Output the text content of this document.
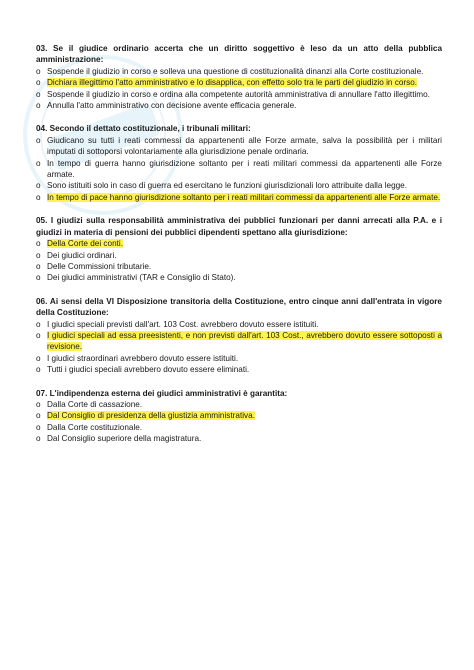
03. Se il giudice ordinario accerta che un diritto soggettivo è leso da un atto della pubblica amministrazione:
o Sospende il giudizio in corso e solleva una questione di costituzionalità dinanzi alla Corte costituzionale.
o Dichiara illegittimo l'atto amministrativo e lo disapplica, con effetto solo tra le parti del giudizio in corso.
o Sospende il giudizio in corso e ordina alla competente autorità amministrativa di annullare l'atto illegittimo.
o Annulla l'atto amministrativo con decisione avente efficacia generale.
04. Secondo il dettato costituzionale, i tribunali militari:
o Giudicano su tutti i reati commessi da appartenenti alle Forze armate, salva la possibilità per i militari imputati di sottoporsi volontariamente alla giurisdizione penale ordinaria.
o In tempo di guerra hanno giurisdizione soltanto per i reati militari commessi da appartenenti alle Forze armate.
o Sono istituiti solo in caso di guerra ed esercitano le funzioni giurisdizionali loro attribuite dalla legge.
o In tempo di pace hanno giurisdizione soltanto per i reati militari commessi da appartenenti alle Forze armate.
05. I giudizi sulla responsabilità amministrativa dei pubblici funzionari per danni arrecati alla P.A. e i giudizi in materia di pensioni dei pubblici dipendenti spettano alla giurisdizione:
o Della Corte dei conti.
o Dei giudici ordinari.
o Delle Commissioni tributarie.
o Dei giudici amministrativi (TAR e Consiglio di Stato).
06. Ai sensi della VI Disposizione transitoria della Costituzione, entro cinque anni dall'entrata in vigore della Costituzione:
o I giudici speciali previsti dall'art. 103 Cost. avrebbero dovuto essere istituiti.
o I giudici speciali ad essa preesistenti, e non previsti dall'art. 103 Cost., avrebbero dovuto essere sottoposti a revisione.
o I giudici straordinari avrebbero dovuto essere istituiti.
o Tutti i giudici speciali avrebbero dovuto essere eliminati.
07. L'indipendenza esterna dei giudici amministrativi è garantita:
o Dalla Corte di cassazione.
o Dal Consiglio di presidenza della giustizia amministrativa.
o Dalla Corte costituzionale.
o Dal Consiglio superiore della magistratura.
